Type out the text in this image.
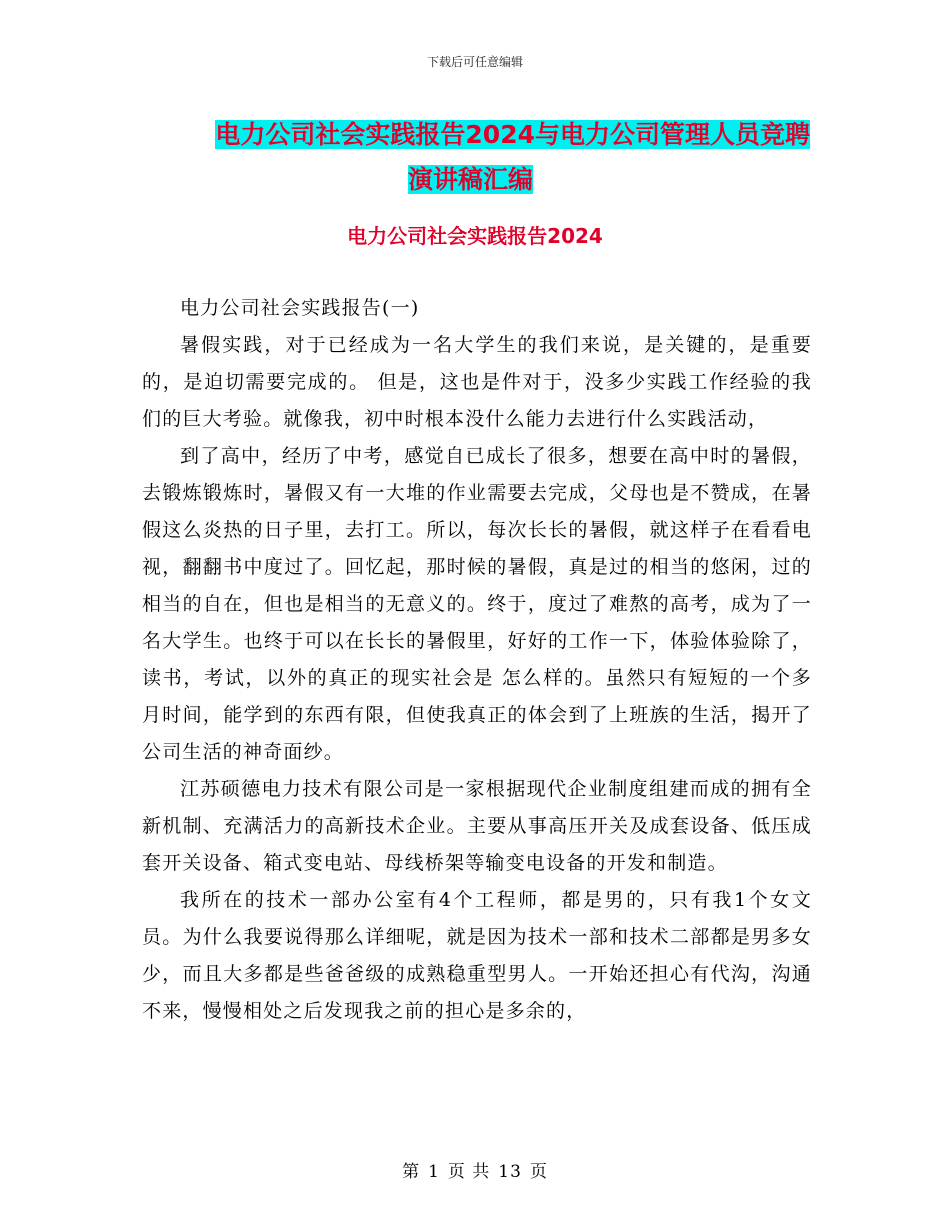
下载后可任意编辑
电力公司社会实践报告2024与电力公司管理人员竞聘
演讲稿汇编
电力公司社会实践报告2024

电力公司社会实践报告(一)

暑假实践，对于已经成为一名大学生的我们来说，是关键的，是重要的，是迫切需要完成的。 但是，这也是件对于，没多少实践工作经验的我们的巨大考验。就像我，初中时根本没什么能力去进行什么实践活动，

到了高中，经历了中考，感觉自已成长了很多，想要在高中时的暑假，去锻炼锻炼时，暑假又有一大堆的作业需要去完成，父母也是不赞成，在暑假这么炎热的日子里，去打工。所以，每次长长的暑假，就这样子在看看电视，翻翻书中度过了。回忆起，那时候的暑假，真是过的相当的悠闲，过的相当的自在，但也是相当的无意义的。终于，度过了难熬的高考，成为了一名大学生。也终于可以在长长的暑假里，好好的工作一下，体验体验除了，读书，考试，以外的真正的现实社会是 怎么样的。虽然只有短短的一个多月时间，能学到的东西有限，但使我真正的体会到了上班族的生活，揭开了公司生活的神奇面纱。

江苏硕德电力技术有限公司是一家根据现代企业制度组建而成的拥有全新机制、充满活力的高新技术企业。主要从事高压开关及成套设备、低压成套开关设备、箱式变电站、母线桥架等输变电设备的开发和制造。

我所在的技术一部办公室有4个工程师，都是男的，只有我1个女文员。为什么我要说得那么详细呢，就是因为技术一部和技术二部都是男多女少，而且大多都是些爸爸级的成熟稳重型男人。一开始还担心有代沟，沟通不来，慢慢相处之后发现我之前的担心是多余的，

第 1 页 共 13 页
